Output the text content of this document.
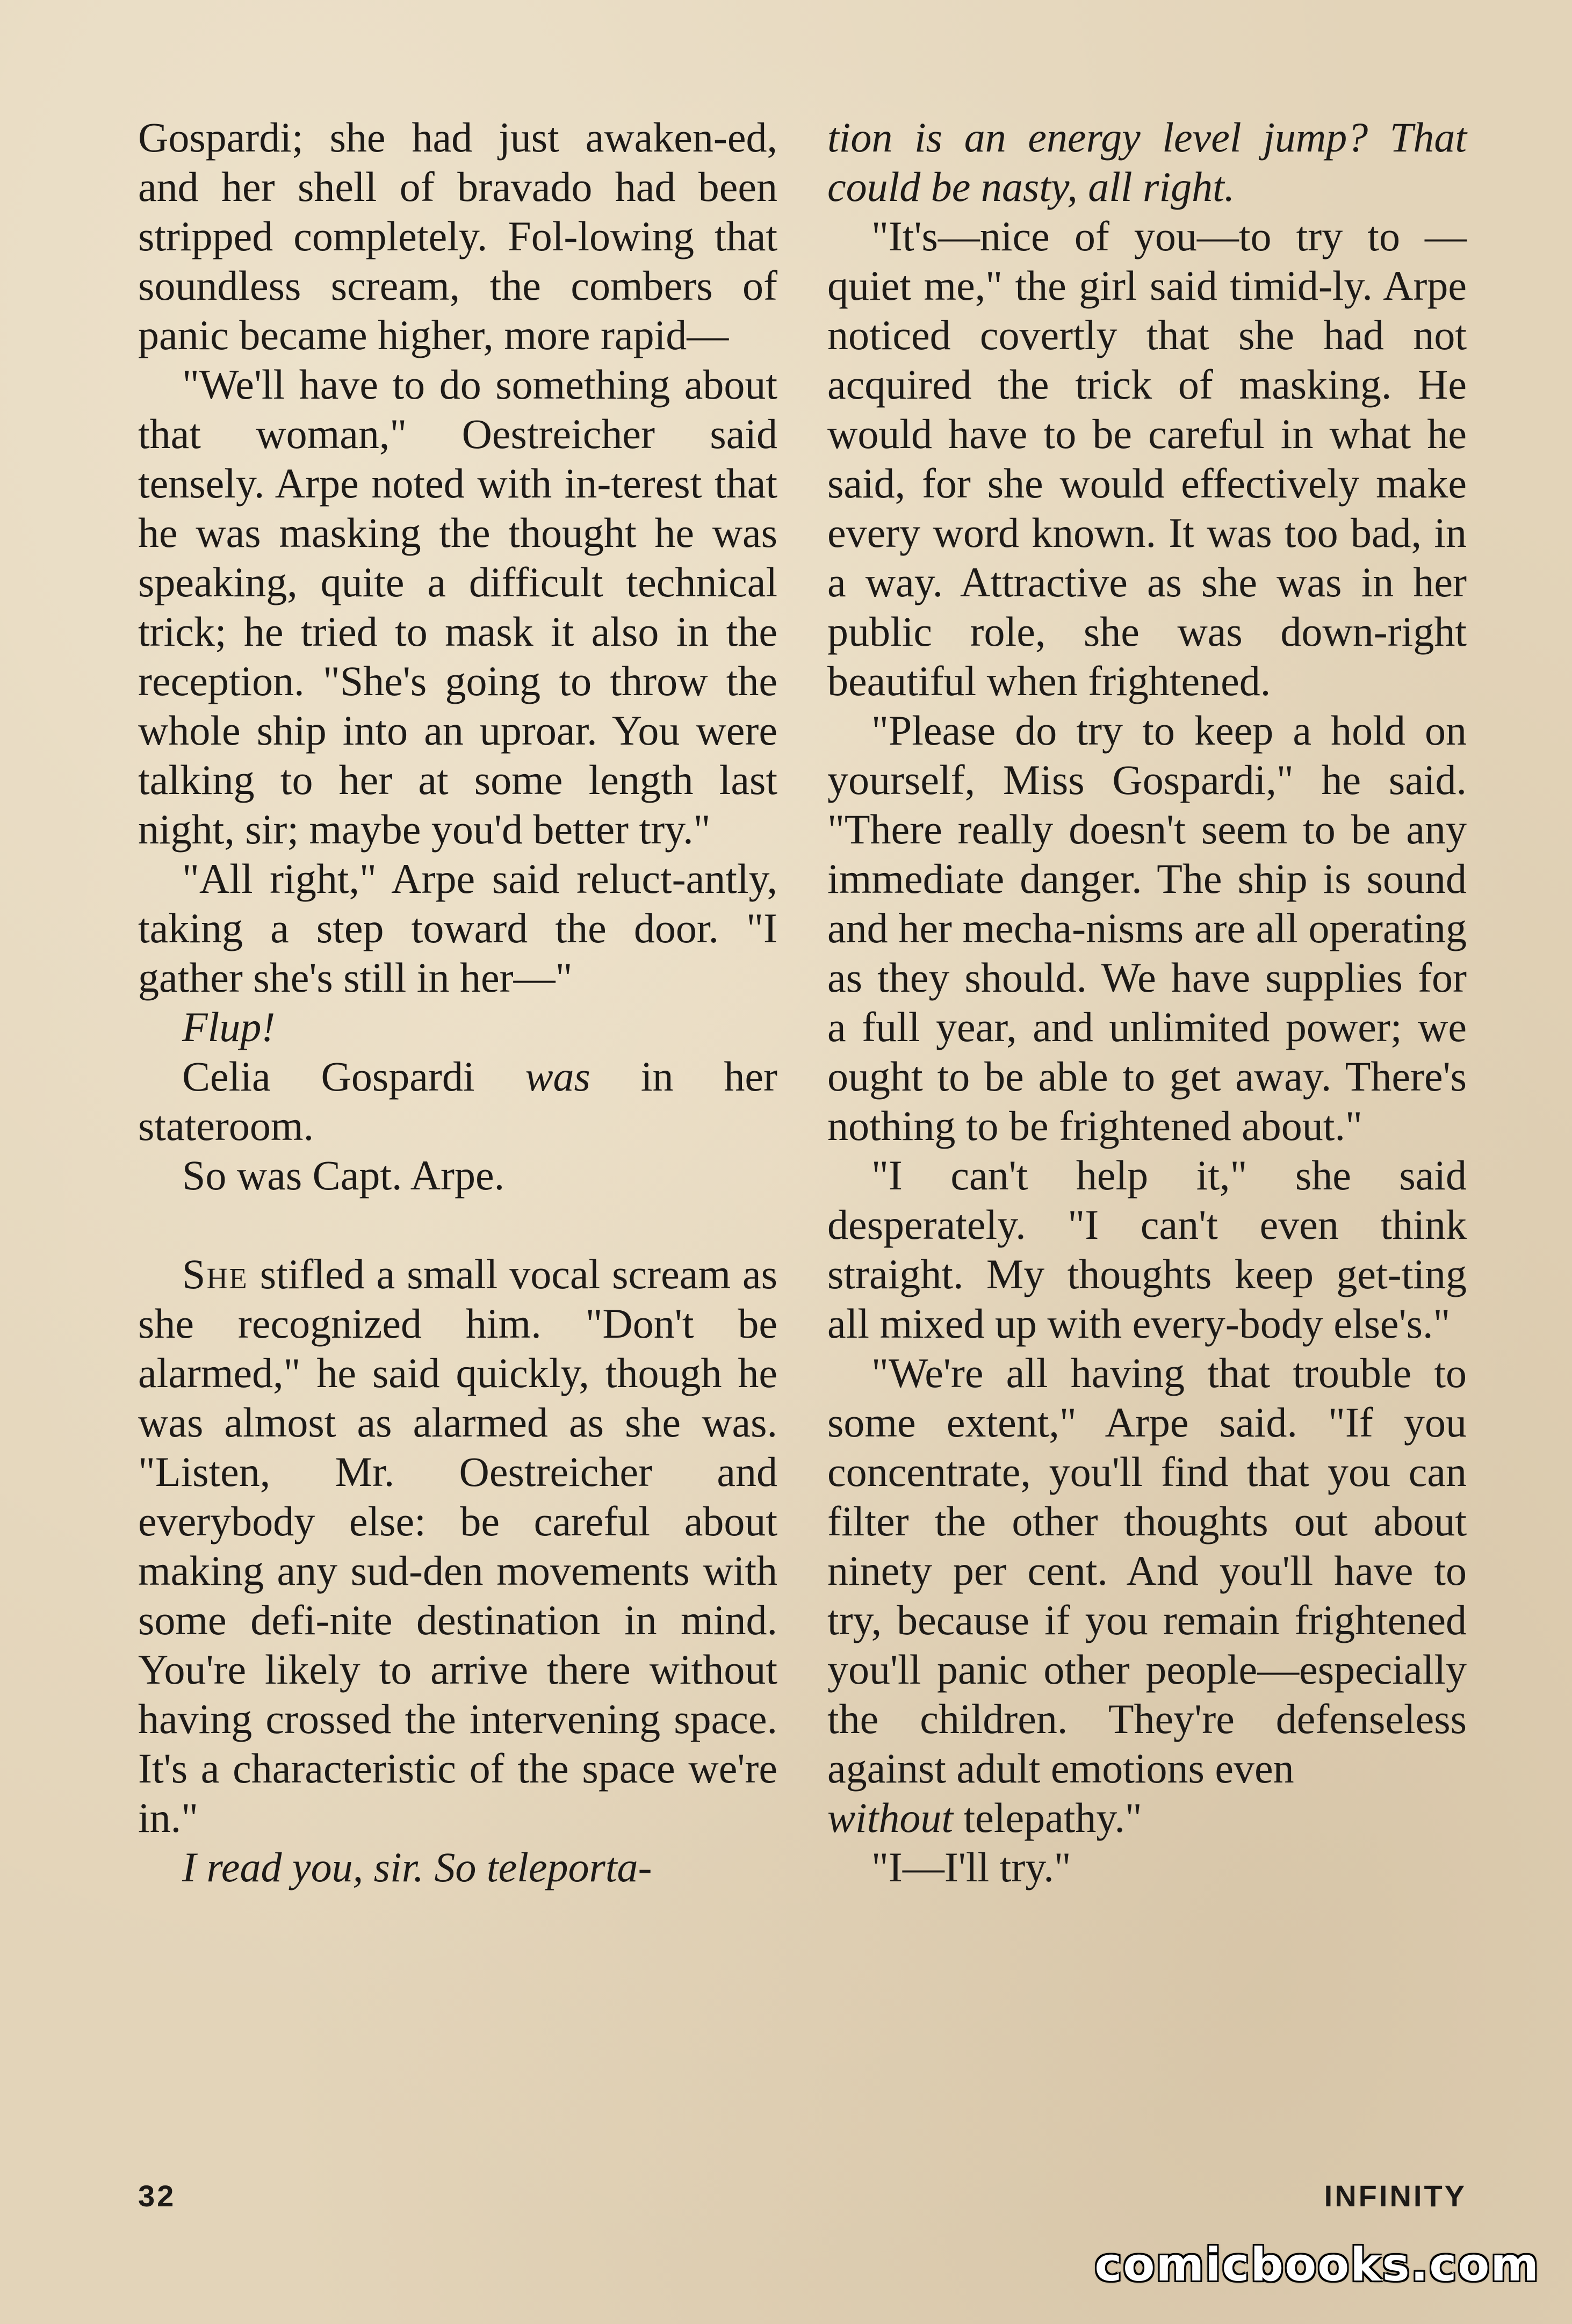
Gospardi; she had just awaken-ed, and her shell of bravado had been stripped completely. Fol-lowing that soundless scream, the combers of panic became higher, more rapid—

"We'll have to do something about that woman," Oestreicher said tensely. Arpe noted with in-terest that he was masking the thought he was speaking, quite a difficult technical trick; he tried to mask it also in the reception. "She's going to throw the whole ship into an uproar. You were talking to her at some length last night, sir; maybe you'd better try."

"All right," Arpe said reluct-antly, taking a step toward the door. "I gather she's still in her—"

Flup!

Celia Gospardi was in her stateroom.

So was Capt. Arpe.

She stifled a small vocal scream as she recognized him. "Don't be alarmed," he said quickly, though he was almost as alarmed as she was. "Listen, Mr. Oestreicher and everybody else: be careful about making any sud-den movements with some defi-nite destination in mind. You're likely to arrive there without having crossed the intervening space. It's a characteristic of the space we're in."

I read you, sir. So teleporta-

tion is an energy level jump? That could be nasty, all right.

"It's—nice of you—to try to —quiet me," the girl said timid-ly. Arpe noticed covertly that she had not acquired the trick of masking. He would have to be careful in what he said, for she would effectively make every word known. It was too bad, in a way. Attractive as she was in her public role, she was down-right beautiful when frightened.

"Please do try to keep a hold on yourself, Miss Gospardi," he said. "There really doesn't seem to be any immediate danger. The ship is sound and her mecha-nisms are all operating as they should. We have supplies for a full year, and unlimited power; we ought to be able to get away. There's nothing to be frightened about."

"I can't help it," she said desperately. "I can't even think straight. My thoughts keep get-ting all mixed up with every-body else's."

"We're all having that trouble to some extent," Arpe said. "If you concentrate, you'll find that you can filter the other thoughts out about ninety per cent. And you'll have to try, because if you remain frightened you'll panic other people—especially the children. They're defenseless against adult emotions even

without telepathy."

"I—I'll try."

32	INFINITY
comicbooks.com
